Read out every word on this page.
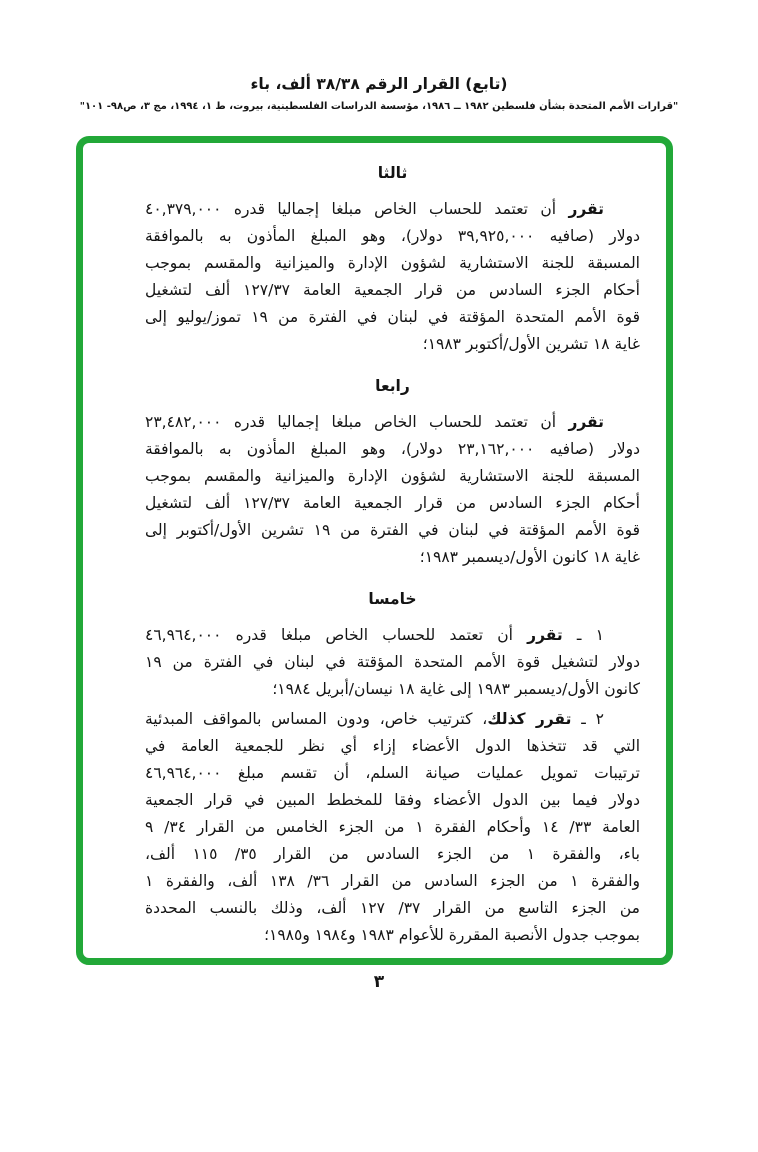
(تابع) القرار الرقم ٣٨/٣٨ ألف، باء
"قرارات الأمم المتحدة بشأن فلسطين ١٩٨٢ ــ ١٩٨٦، مؤسسة الدراسات الفلسطينية، بيروت، ط ١، ١٩٩٤، مج ٣، ص٩٨- ١٠١"
ثالثا
تقرر أن تعتمد للحساب الخاص مبلغا إجماليا قدره ٤٠,٣٧٩,٠٠٠
دولار (صافيه ٣٩,٩٢٥,٠٠٠ دولار)، وهو المبلغ المأذون به بالموافقة
المسبقة للجنة الاستشارية لشؤون الإدارة والميزانية والمقسم بموجب
أحكام الجزء السادس من قرار الجمعية العامة ١٢٧/٣٧ ألف لتشغيل
قوة الأمم المتحدة المؤقتة في لبنان في الفترة من ١٩ تموز/يوليو إلى
غاية ١٨ تشرين الأول/أكتوبر ١٩٨٣؛
رابعا
تقرر أن تعتمد للحساب الخاص مبلغا إجماليا قدره ٢٣,٤٨٢,٠٠٠
دولار (صافيه ٢٣,١٦٢,٠٠٠ دولار)، وهو المبلغ المأذون به بالموافقة
المسبقة للجنة الاستشارية لشؤون الإدارة والميزانية والمقسم بموجب
أحكام الجزء السادس من قرار الجمعية العامة ١٢٧/٣٧ ألف لتشغيل
قوة الأمم المؤقتة في لبنان في الفترة من ١٩ تشرين الأول/أكتوبر إلى
غاية ١٨ كانون الأول/ديسمبر ١٩٨٣؛
خامسا
١ ـ تقرر أن تعتمد للحساب الخاص مبلغا قدره ٤٦,٩٦٤,٠٠٠
دولار لتشغيل قوة الأمم المتحدة المؤقتة في لبنان في الفترة من ١٩
كانون الأول/ديسمبر ١٩٨٣ إلى غاية ١٨ نيسان/أبريل ١٩٨٤؛
٢ ـ تقرر كذلك، كترتيب خاص، ودون المساس بالمواقف المبدئية
التي قد تتخذها الدول الأعضاء إزاء أي نظر للجمعية العامة في
ترتيبات تمويل عمليات صيانة السلم، أن تقسم مبلغ ٤٦,٩٦٤,٠٠٠
دولار فيما بين الدول الأعضاء وفقا للمخطط المبين في قرار الجمعية
العامة ٣٣/ ١٤ وأحكام الفقرة ١ من الجزء الخامس من القرار ٣٤/ ٩
باء، والفقرة ١ من الجزء السادس من القرار ٣٥/ ١١٥ ألف،
والفقرة ١ من الجزء السادس من القرار ٣٦/ ١٣٨ ألف، والفقرة ١
من الجزء التاسع من القرار ٣٧/ ١٢٧ ألف، وذلك بالنسب المحددة
بموجب جدول الأنصبة المقررة للأعوام ١٩٨٣ و١٩٨٤ و١٩٨٥؛
٣
